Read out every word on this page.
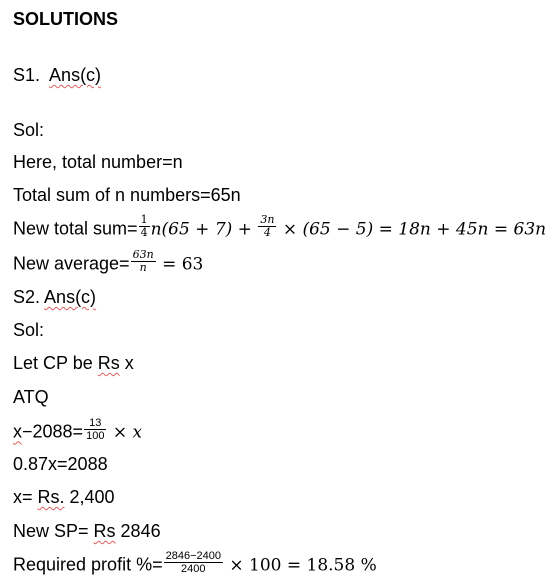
SOLUTIONS
S1. Ans(c)
Sol:
Here, total number=n
Total sum of n numbers=65n
New total $sum= \frac{1}{4} n(65 + 7) + \frac{3n}{4} \times (65 - 5) = 18n + 45n = 63n$
New average= $\frac{63n}{n} = 63$
S2. Ans(c)
Sol:
Let CP be Rs x
ATQ
$x-2088= \frac{13}{100} \times x$
0.87x=2088
x= Rs. 2,400
New SP= Rs 2846
Required profit %= $\frac{2846-2400}{2400} \times 100 = 18.58$ %
